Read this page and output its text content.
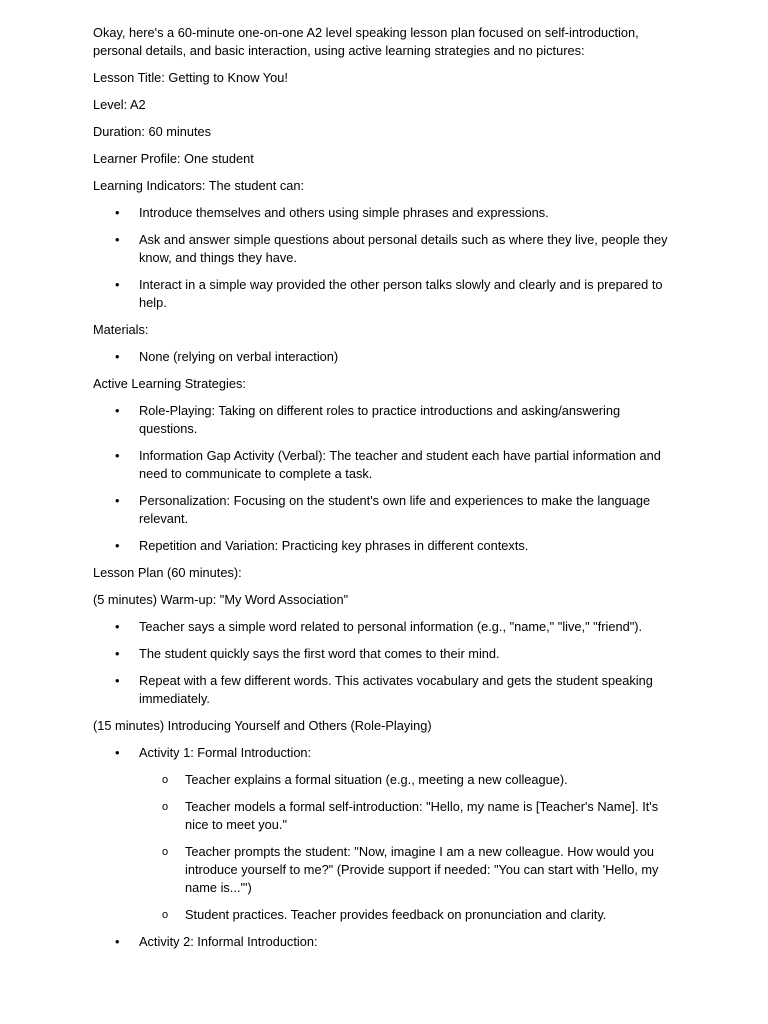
Okay, here's a 60-minute one-on-one A2 level speaking lesson plan focused on self-introduction, personal details, and basic interaction, using active learning strategies and no pictures:

Lesson Title: Getting to Know You!

Level: A2

Duration: 60 minutes

Learner Profile: One student

Learning Indicators: The student can:

• Introduce themselves and others using simple phrases and expressions.
• Ask and answer simple questions about personal details such as where they live, people they know, and things they have.
• Interact in a simple way provided the other person talks slowly and clearly and is prepared to help.

Materials:

• None (relying on verbal interaction)

Active Learning Strategies:

• Role-Playing: Taking on different roles to practice introductions and asking/answering questions.
• Information Gap Activity (Verbal): The teacher and student each have partial information and need to communicate to complete a task.
• Personalization: Focusing on the student's own life and experiences to make the language relevant.
• Repetition and Variation: Practicing key phrases in different contexts.

Lesson Plan (60 minutes):

(5 minutes) Warm-up: "My Word Association"

• Teacher says a simple word related to personal information (e.g., "name," "live," "friend").
• The student quickly says the first word that comes to their mind.
• Repeat with a few different words. This activates vocabulary and gets the student speaking immediately.

(15 minutes) Introducing Yourself and Others (Role-Playing)

• Activity 1: Formal Introduction:
o Teacher explains a formal situation (e.g., meeting a new colleague).
o Teacher models a formal self-introduction: "Hello, my name is [Teacher's Name]. It's nice to meet you."
o Teacher prompts the student: "Now, imagine I am a new colleague. How would you introduce yourself to me?" (Provide support if needed: "You can start with 'Hello, my name is...'")
o Student practices. Teacher provides feedback on pronunciation and clarity.
• Activity 2: Informal Introduction:
